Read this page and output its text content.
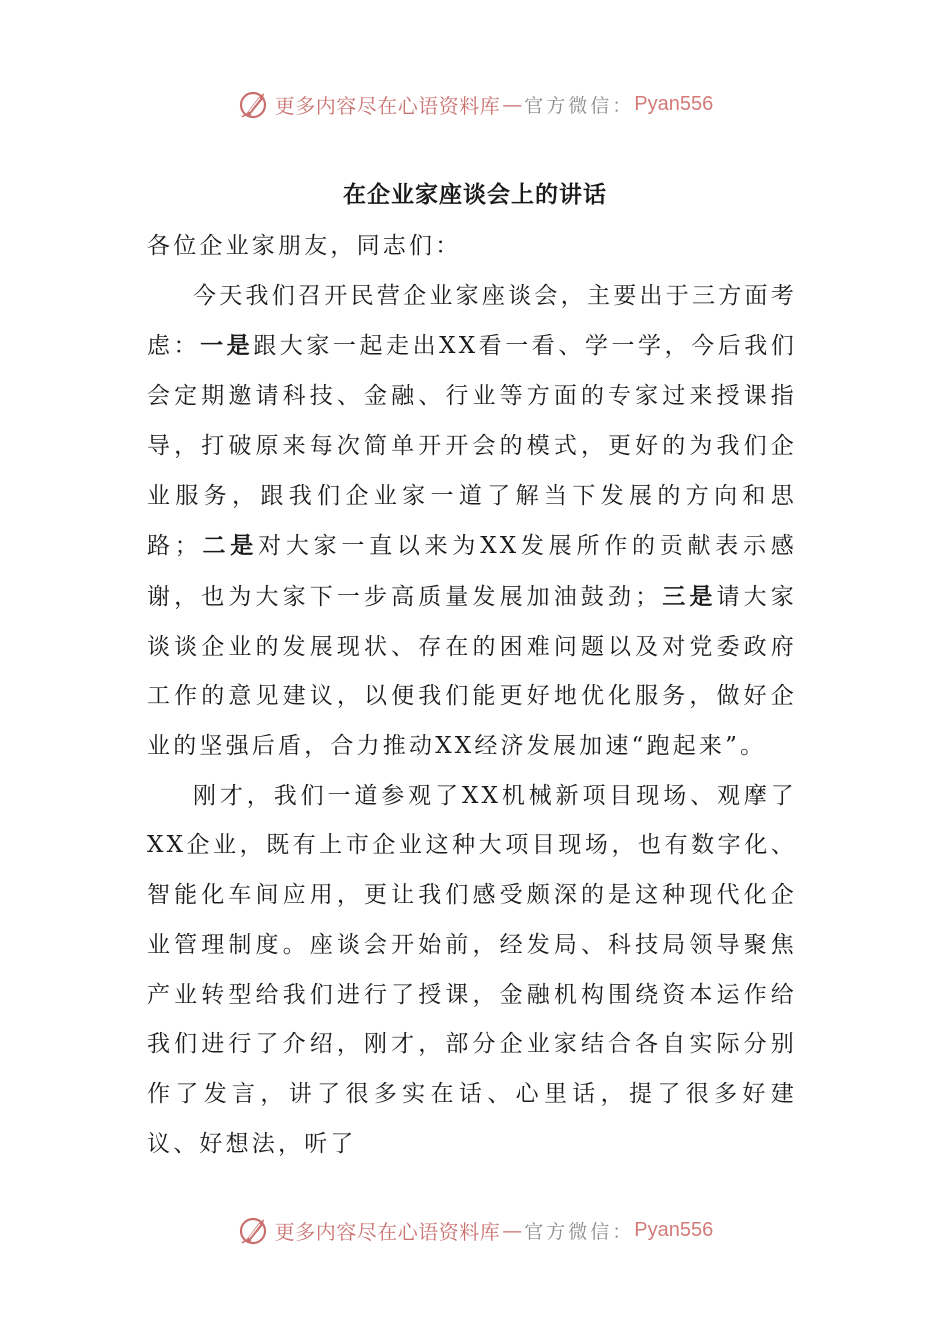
更多内容尽在心语资料库 — 官方微信： Pyan556
在企业家座谈会上的讲话

各位企业家朋友，同志们：

今天我们召开民营企业家座谈会，主要出于三方面考虑：一是跟大家一起走出XX看一看、学一学，今后我们会定期邀请科技、金融、行业等方面的专家过来授课指导，打破原来每次简单开开会的模式，更好的为我们企业服务，跟我们企业家一道了解当下发展的方向和思路；二是对大家一直以来为XX发展所作的贡献表示感谢，也为大家下一步高质量发展加油鼓劲；三是请大家谈谈企业的发展现状、存在的困难问题以及对党委政府工作的意见建议，以便我们能更好地优化服务，做好企业的坚强后盾，合力推动XX经济发展加速“跑起来”。

刚才，我们一道参观了XX机械新项目现场、观摩了XX企业，既有上市企业这种大项目现场，也有数字化、智能化车间应用，更让我们感受颇深的是这种现代化企业管理制度。座谈会开始前，经发局、科技局领导聚焦产业转型给我们进行了授课，金融机构围绕资本运作给我们进行了介绍，刚才，部分企业家结合各自实际分别作了发言，讲了很多实在话、心里话，提了很多好建议、好想法，听了

更多内容尽在心语资料库 — 官方微信： Pyan556
